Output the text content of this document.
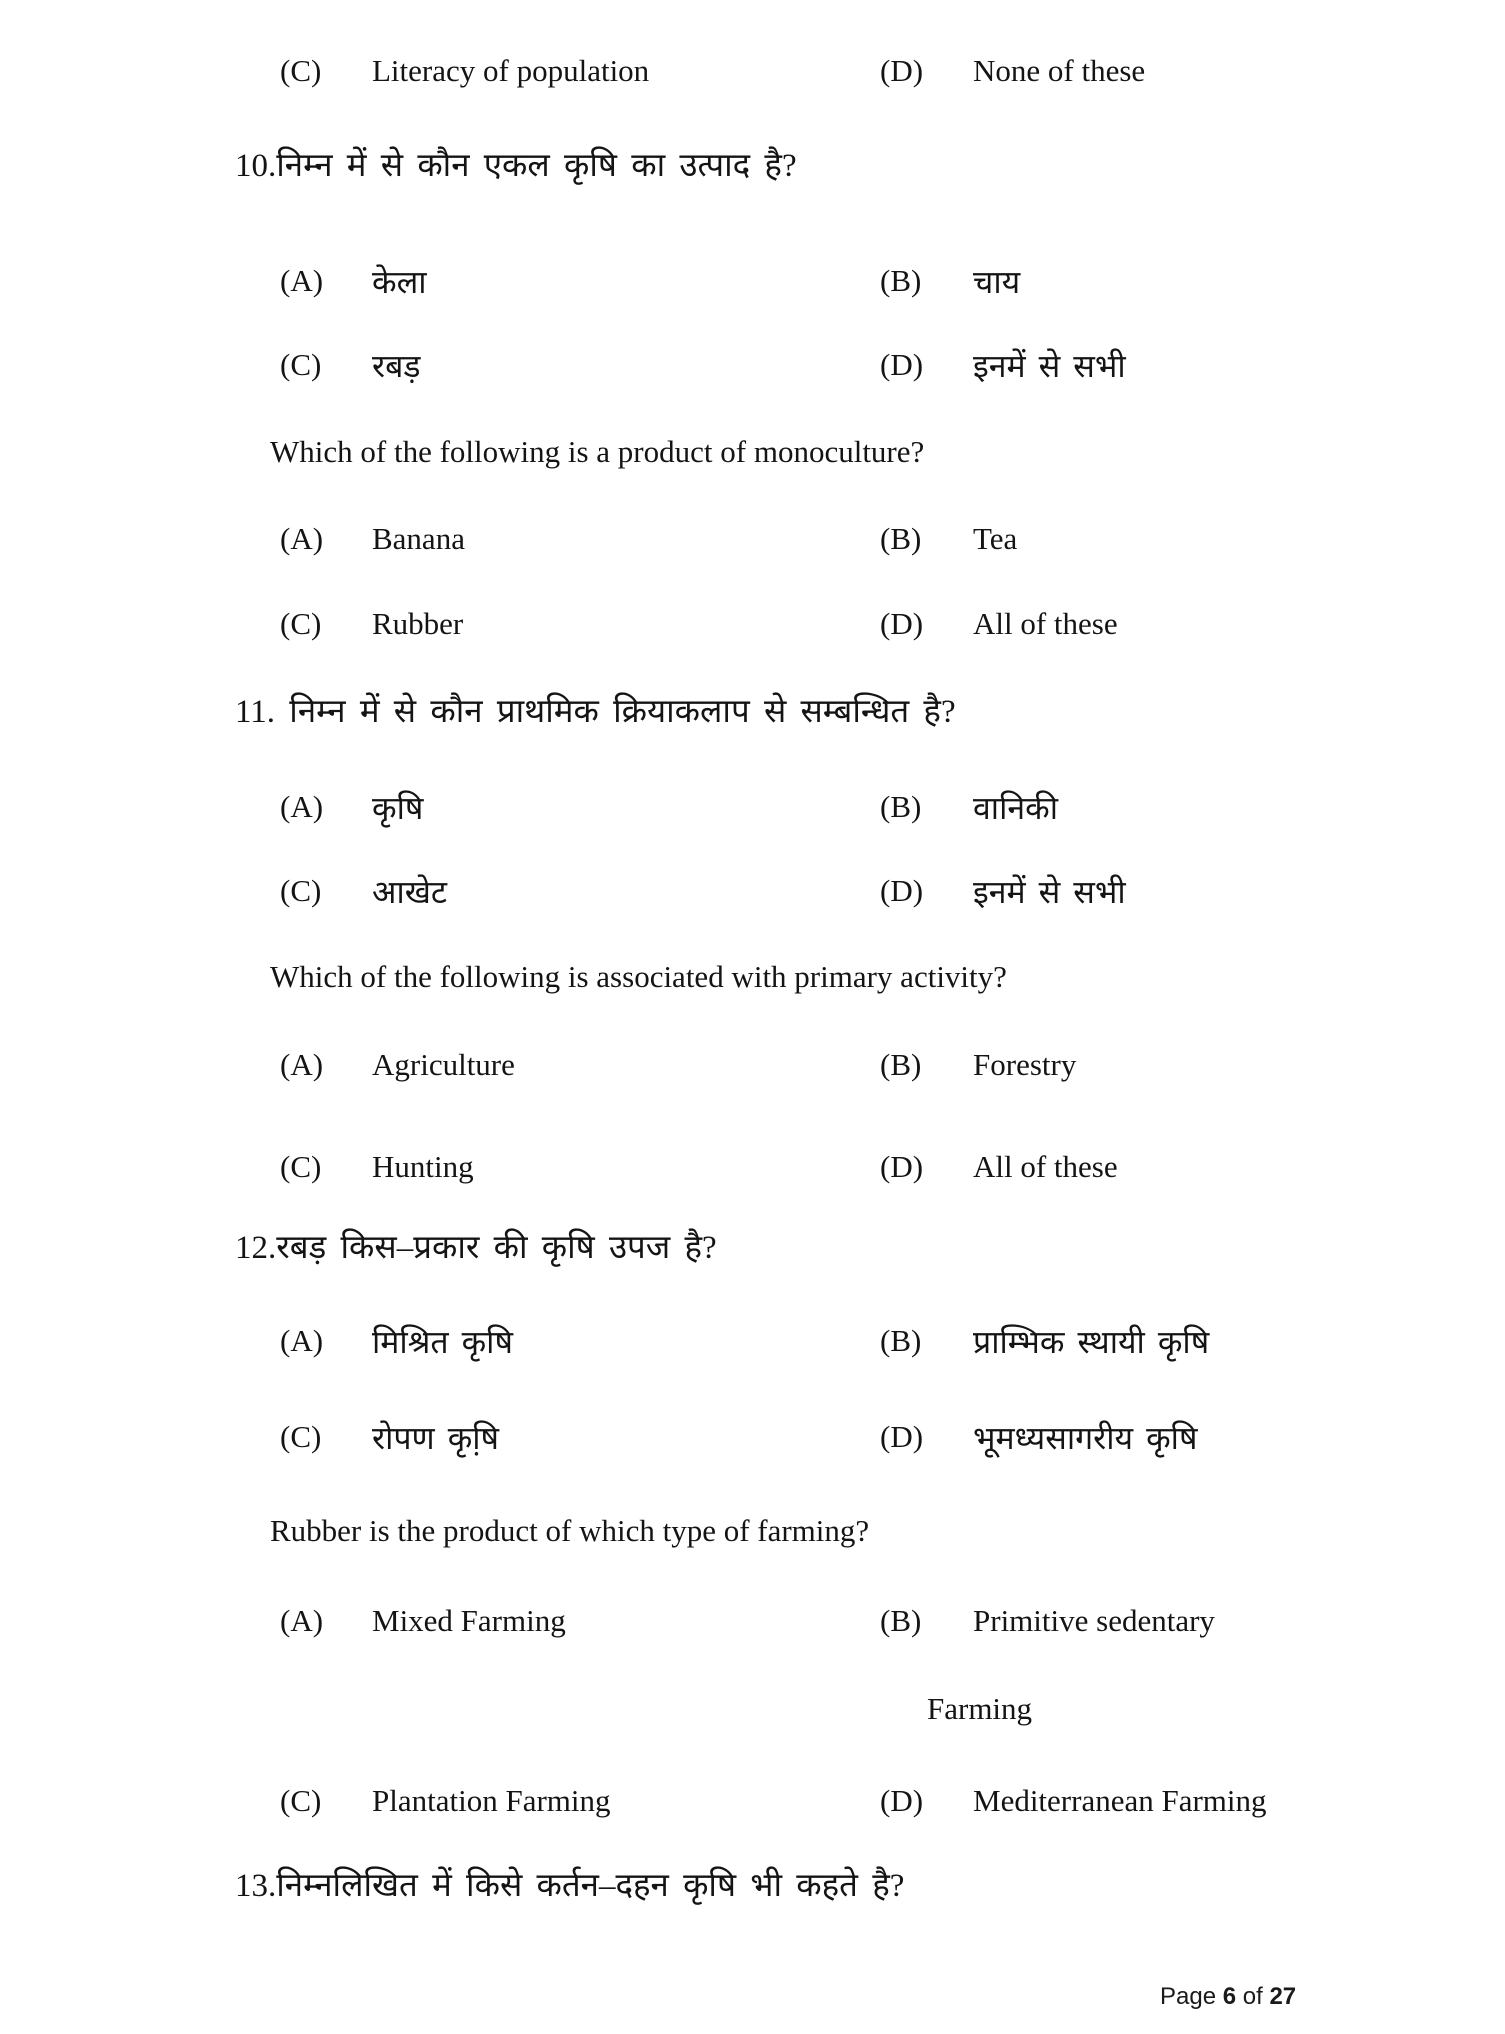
(C) Literacy of population	(D) None of these
10.निम्न में से कौन एकल कृषि का उत्पाद है?
(A) केला	(B) चाय
(C) रबड़	(D) इनमें से सभी
Which of the following is a product of monoculture?
(A) Banana	(B) Tea
(C) Rubber	(D) All of these
11. निम्न में से कौन प्राथमिक क्रियाकलाप से सम्बन्धित है?
(A) कृषि	(B) वानिकी
(C) आखेट	(D) इनमें से सभी
Which of the following is associated with primary activity?
(A) Agriculture	(B) Forestry
(C) Hunting	(D) All of these
12.रबड़ किस–प्रकार की कृषि उपज है?
(A) मिश्रित कृषि	(B) प्राम्भिक स्थायी कृषि
(C) रोपण कृषि़	(D) भूमध्यसागरीय कृषि
Rubber is the product of which type of farming?
(A) Mixed Farming	(B) Primitive sedentary
Farming
(C) Plantation Farming	(D) Mediterranean Farming
13.निम्नलिखित में किसे कर्तन–दहन कृषि भी कहते है?
Page 6 of 27
